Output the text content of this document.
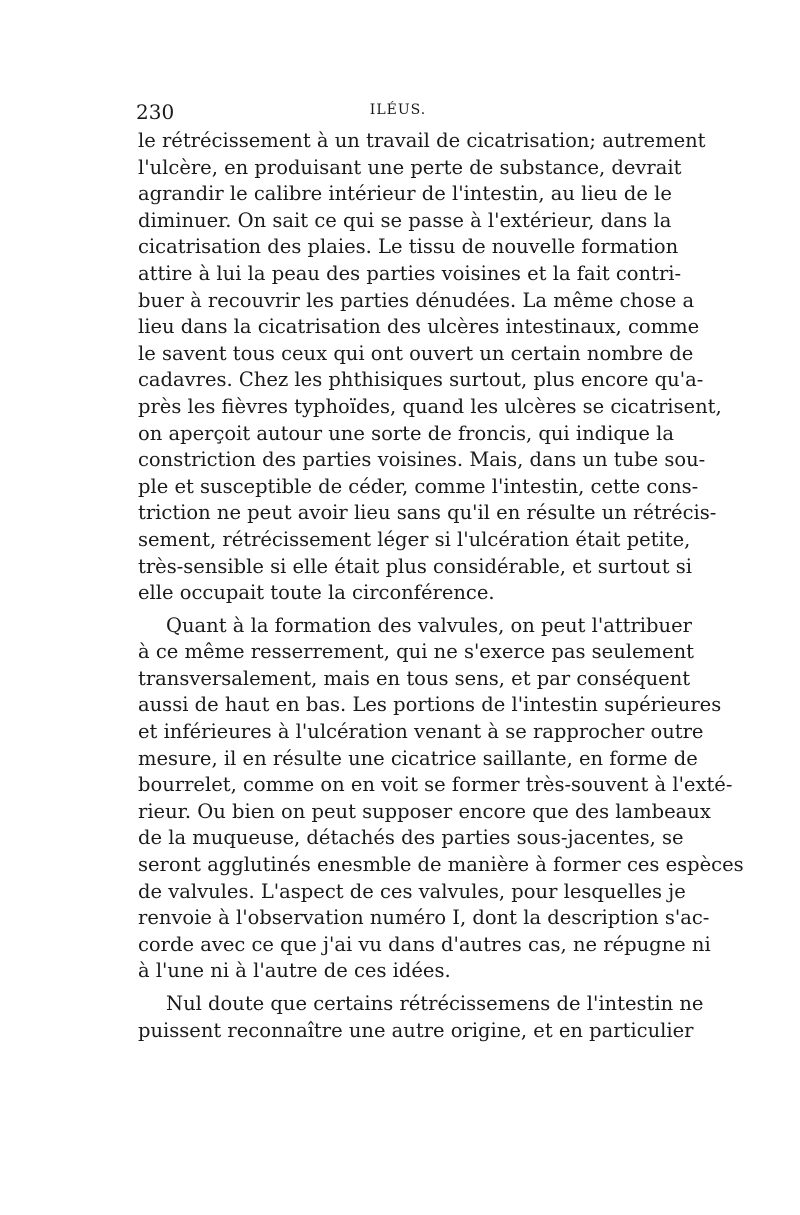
230	ILÉUS.
le rétrécissement à un travail de cicatrisation; autrement
l'ulcère, en produisant une perte de substance, devrait
agrandir le calibre intérieur de l'intestin, au lieu de le
diminuer. On sait ce qui se passe à l'extérieur, dans la
cicatrisation des plaies. Le tissu de nouvelle formation
attire à lui la peau des parties voisines et la fait contri-
buer à recouvrir les parties dénudées. La même chose a
lieu dans la cicatrisation des ulcères intestinaux, comme
le savent tous ceux qui ont ouvert un certain nombre de
cadavres. Chez les phthisiques surtout, plus encore qu'a-
près les fièvres typhoïdes, quand les ulcères se cicatrisent,
on aperçoit autour une sorte de froncis, qui indique la
constriction des parties voisines. Mais, dans un tube sou-
ple et susceptible de céder, comme l'intestin, cette cons-
triction ne peut avoir lieu sans qu'il en résulte un rétrécis-
sement, rétrécissement léger si l'ulcération était petite,
très-sensible si elle était plus considérable, et surtout si
elle occupait toute la circonférence.
Quant à la formation des valvules, on peut l'attribuer
à ce même resserrement, qui ne s'exerce pas seulement
transversalement, mais en tous sens, et par conséquent
aussi de haut en bas. Les portions de l'intestin supérieures
et inférieures à l'ulcération venant à se rapprocher outre
mesure, il en résulte une cicatrice saillante, en forme de
bourrelet, comme on en voit se former très-souvent à l'exté-
rieur. Ou bien on peut supposer encore que des lambeaux
de la muqueuse, détachés des parties sous-jacentes, se
seront agglutinés enesmble de manière à former ces espèces
de valvules. L'aspect de ces valvules, pour lesquelles je
renvoie à l'observation numéro I, dont la description s'ac-
corde avec ce que j'ai vu dans d'autres cas, ne répugne ni
à l'une ni à l'autre de ces idées.
Nul doute que certains rétrécissemens de l'intestin ne
puissent reconnaître une autre origine, et en particulier
